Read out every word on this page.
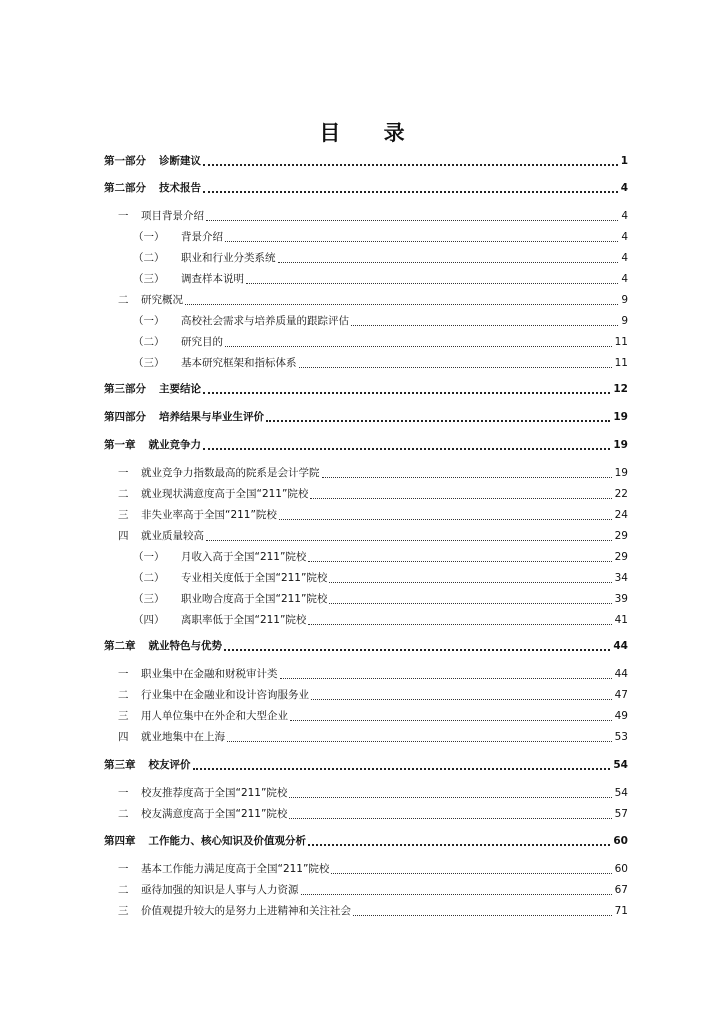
目 录
第一部分 诊断建议	1
第二部分 技术报告	4
一 项目背景介绍	4
（一） 背景介绍	4
（二） 职业和行业分类系统	4
（三） 调查样本说明	4
二 研究概况	9
（一） 高校社会需求与培养质量的跟踪评估	9
（二） 研究目的	11
（三） 基本研究框架和指标体系	11
第三部分 主要结论	12
第四部分 培养结果与毕业生评价	19
第一章 就业竞争力	19
一 就业竞争力指数最高的院系是会计学院	19
二 就业现状满意度高于全国“211”院校	22
三 非失业率高于全国“211”院校	24
四 就业质量较高	29
（一） 月收入高于全国“211”院校	29
（二） 专业相关度低于全国“211”院校	34
（三） 职业吻合度高于全国“211”院校	39
（四） 离职率低于全国“211”院校	41
第二章 就业特色与优势	44
一 职业集中在金融和财税审计类	44
二 行业集中在金融业和设计咨询服务业	47
三 用人单位集中在外企和大型企业	49
四 就业地集中在上海	53
第三章 校友评价	54
一 校友推荐度高于全国“211”院校	54
二 校友满意度高于全国“211”院校	57
第四章 工作能力、核心知识及价值观分析	60
一 基本工作能力满足度高于全国“211”院校	60
二 亟待加强的知识是人事与人力资源	67
三 价值观提升较大的是努力上进精神和关注社会	71
